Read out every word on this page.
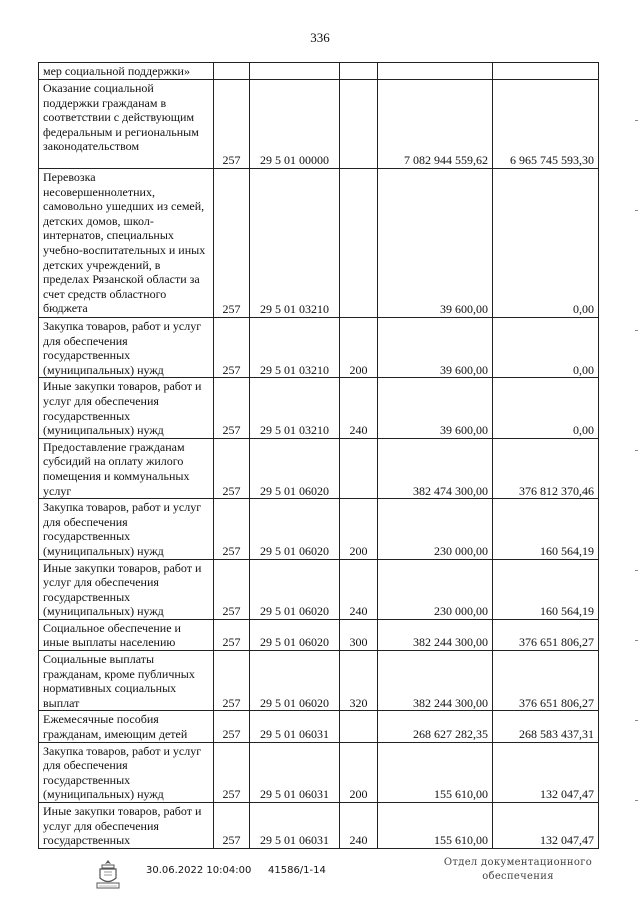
336
мер социальной поддержки»					
Оказание социальной поддержки гражданам в соответствии с действующим федеральным и региональным законодательством	257	29 5 01 00000		7 082 944 559,62	6 965 745 593,30
Перевозка несовершеннолетних, самовольно ушедших из семей, детских домов, школ-интернатов, специальных учебно-воспитательных и иных детских учреждений, в пределах Рязанской области за счет средств областного бюджета	257	29 5 01 03210		39 600,00	0,00
Закупка товаров, работ и услуг для обеспечения государственных (муниципальных) нужд	257	29 5 01 03210	200	39 600,00	0,00
Иные закупки товаров, работ и услуг для обеспечения государственных (муниципальных) нужд	257	29 5 01 03210	240	39 600,00	0,00
Предоставление гражданам субсидий на оплату жилого помещения и коммунальных услуг	257	29 5 01 06020		382 474 300,00	376 812 370,46
Закупка товаров, работ и услуг для обеспечения государственных (муниципальных) нужд	257	29 5 01 06020	200	230 000,00	160 564,19
Иные закупки товаров, работ и услуг для обеспечения государственных (муниципальных) нужд	257	29 5 01 06020	240	230 000,00	160 564,19
Социальное обеспечение и иные выплаты населению	257	29 5 01 06020	300	382 244 300,00	376 651 806,27
Социальные выплаты гражданам, кроме публичных нормативных социальных выплат	257	29 5 01 06020	320	382 244 300,00	376 651 806,27
Ежемесячные пособия гражданам, имеющим детей	257	29 5 01 06031		268 627 282,35	268 583 437,31
Закупка товаров, работ и услуг для обеспечения государственных (муниципальных) нужд	257	29 5 01 06031	200	155 610,00	132 047,47
Иные закупки товаров, работ и услуг для обеспечения государственных	257	29 5 01 06031	240	155 610,00	132 047,47
30.06.2022 10:04:00 41586/1-14
Отдел документационного
обеспечения
